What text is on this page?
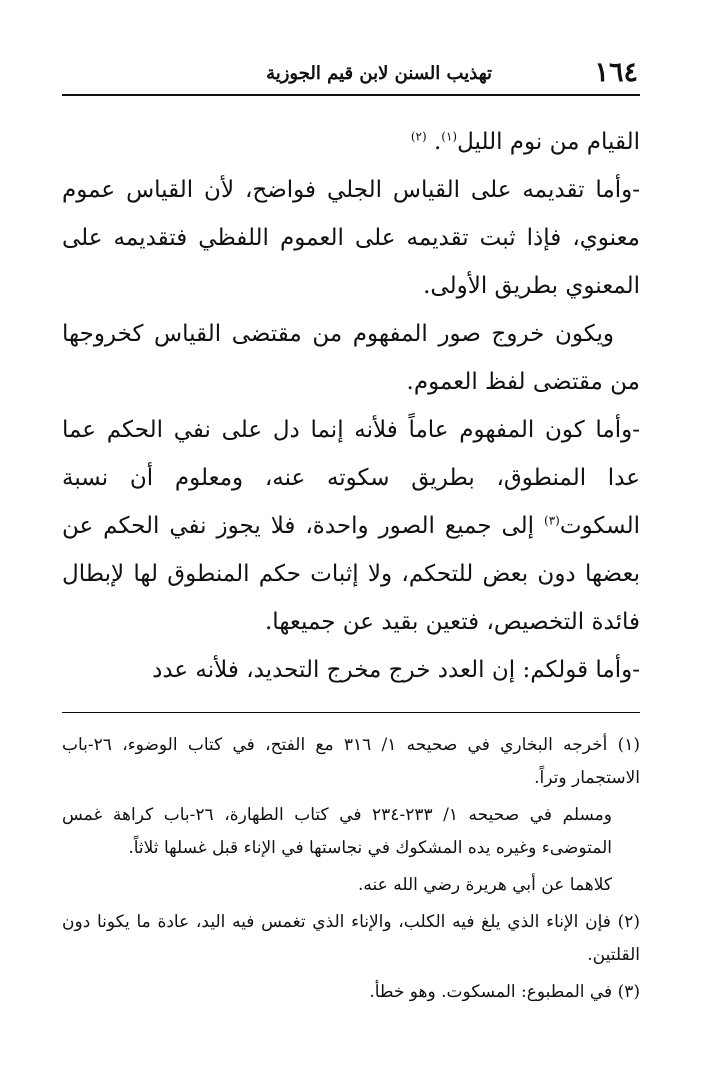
١٦٤
تهذيب السنن لابن قيم الجوزية

القيام من نوم الليل$^{(١)}$. $^{(٢)}$

-وأما تقديمه على القياس الجلي فواضح، لأن القياس عموم معنوي، فإذا ثبت تقديمه على العموم اللفظي فتقديمه على المعنوي بطريق الأولى.

ويكون خروج صور المفهوم من مقتضى القياس كخروجها من مقتضى لفظ العموم.

-وأما كون المفهوم عاماً فلأنه إنما دل على نفي الحكم عما عدا المنطوق، بطريق سكوته عنه، ومعلوم أن نسبة السكوت$^{(٣)}$ إلى جميع الصور واحدة، فلا يجوز نفي الحكم عن بعضها دون بعض للتحكم، ولا إثبات حكم المنطوق لها لإبطال فائدة التخصيص، فتعين بقيد عن جميعها.

-وأما قولكم: إن العدد خرج مخرج التحديد، فلأنه عدد

(١) أخرجه البخاري في صحيحه ١/ ٣١٦ مع الفتح، في كتاب الوضوء، ٢٦-باب الاستجمار وتراً.

ومسلم في صحيحه ١/ ٢٣٣-٢٣٤ في كتاب الطهارة، ٢٦-باب كراهة غمس المتوضىء وغيره يده المشكوك في نجاستها في الإناء قبل غسلها ثلاثاً.

كلاهما عن أبي هريرة رضي الله عنه.

(٢) فإن الإناء الذي يلغ فيه الكلب، والإناء الذي تغمس فيه اليد، عادة ما يكونا دون القلتين.

(٣) في المطبوع: المسكوت. وهو خطأ.
